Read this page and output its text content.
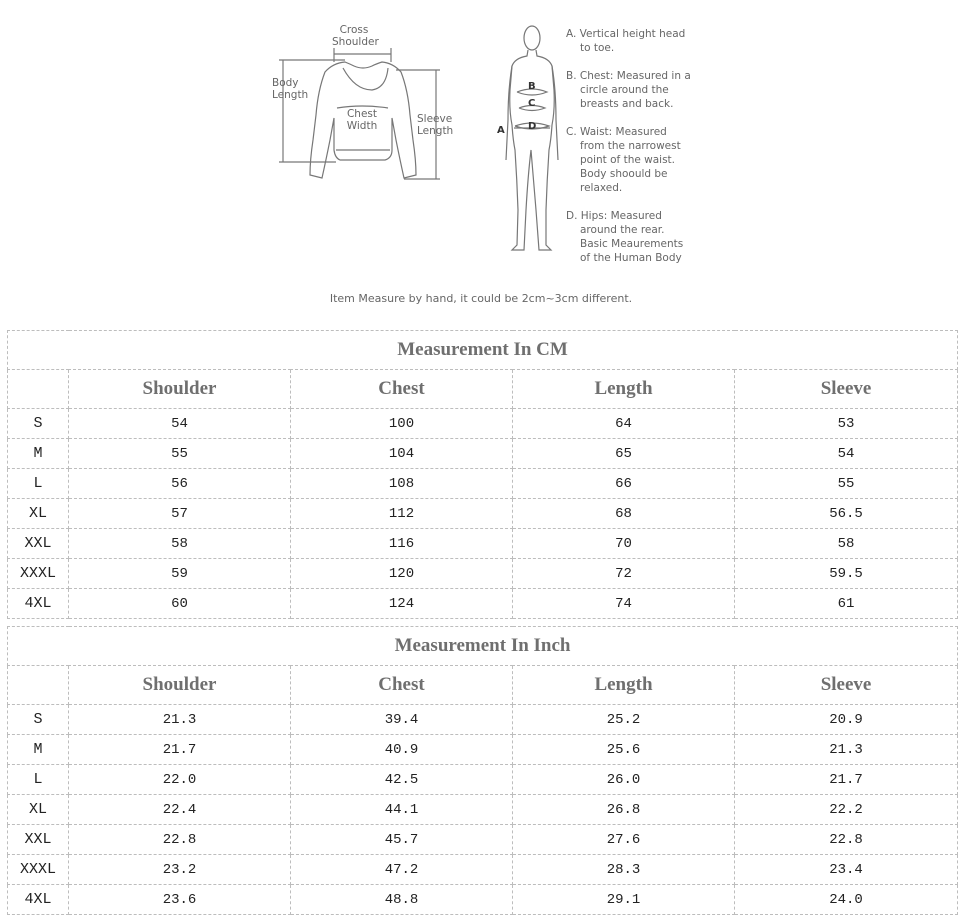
Cross
Shoulder
Body
Length
Chest
Width
Sleeve
Length
B
C
D
A
A. Vertical height head
to toe.
B. Chest: Measured in a
circle around the
breasts and back.
C. Waist: Measured
from the narrowest
point of the waist.
Body shoould be
relaxed.
D. Hips: Measured
around the rear.
Basic Meaurements
of the Human Body
Item Measure by hand, it could be 2cm~3cm different.
Measurement In CM				
	Shoulder	Chest	Length	Sleeve
S	54	100	64	53
M	55	104	65	54
L	56	108	66	55
XL	57	112	68	56.5
XXL	58	116	70	58
XXXL	59	120	72	59.5
4XL	60	124	74	61
Measurement In Inch				
	Shoulder	Chest	Length	Sleeve
S	21.3	39.4	25.2	20.9
M	21.7	40.9	25.6	21.3
L	22.0	42.5	26.0	21.7
XL	22.4	44.1	26.8	22.2
XXL	22.8	45.7	27.6	22.8
XXXL	23.2	47.2	28.3	23.4
4XL	23.6	48.8	29.1	24.0
